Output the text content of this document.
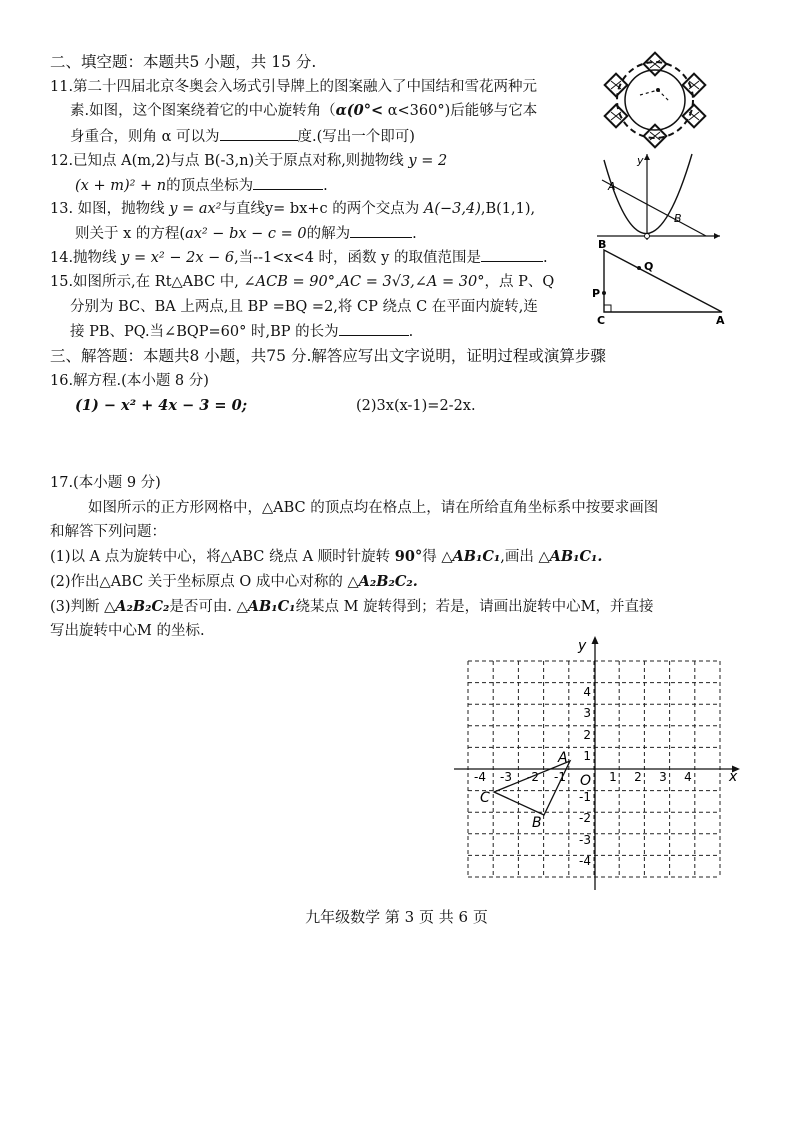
二、填空题：本题共5 小题，共 15 分.
11.第二十四届北京冬奥会入场式引导牌上的图案融入了中国结和雪花两种元
素.如图，这个图案绕着它的中心旋转角（α(0°< α<360°)后能够与它本
身重合，则角 α 可以为	度.(写出一个即可)
12.已知点 A(m,2)与点 B(-3,n)关于原点对称,则抛物线 y = 2
(x + m)² + n的顶点坐标为	.
13. 如图，抛物线 y = ax²与直线y= bx+c 的两个交点为 A(−3,4),B(1,1),
则关于 x 的方程(ax² − bx − c = 0的解为	.
14.抛物线 y = x² − 2x − 6,当--1<x<4 时，函数 y 的取值范围是	.
15.如图所示,在 Rt△ABC 中, ∠ACB = 90°,AC = 3√3,∠A = 30°，点 P、Q
分别为 BC、BA 上两点,且 BP =BQ =2,将 CP 绕点 C 在平面内旋转,连
接 PB、PQ.当∠BQP=60° 时,BP 的长为	.
三、解答题：本题共8 小题，共75 分.解答应写出文字说明，证明过程或演算步骤
16.解方程.(本小题 8 分)
(1) − x² + 4x − 3 = 0;	(2)3x(x-1)=2-2x.
17.(本小题 9 分)
如图所示的正方形网格中，△ABC 的顶点均在格点上，请在所给直角坐标系中按要求画图
和解答下列问题：
(1)以 A 点为旋转中心，将△ABC 绕点 A 顺时针旋转 90°得 △AB₁C₁,画出 △AB₁C₁.
(2)作出△ABC 关于坐标原点 O 成中心对称的 △A₂B₂C₂.
(3)判断 △A₂B₂C₂是否可由. △AB₁C₁绕某点 M 旋转得到；若是，请画出旋转中心M，并直接
写出旋转中心M 的坐标.
y
A
B
B
Q
P
C	A
x
y
O
-4 -3 -2 -1	1 2 3 4
4
3
2
1
-1
-2
-3
-4
A
B
C
九年级数学 第 3 页 共 6 页
